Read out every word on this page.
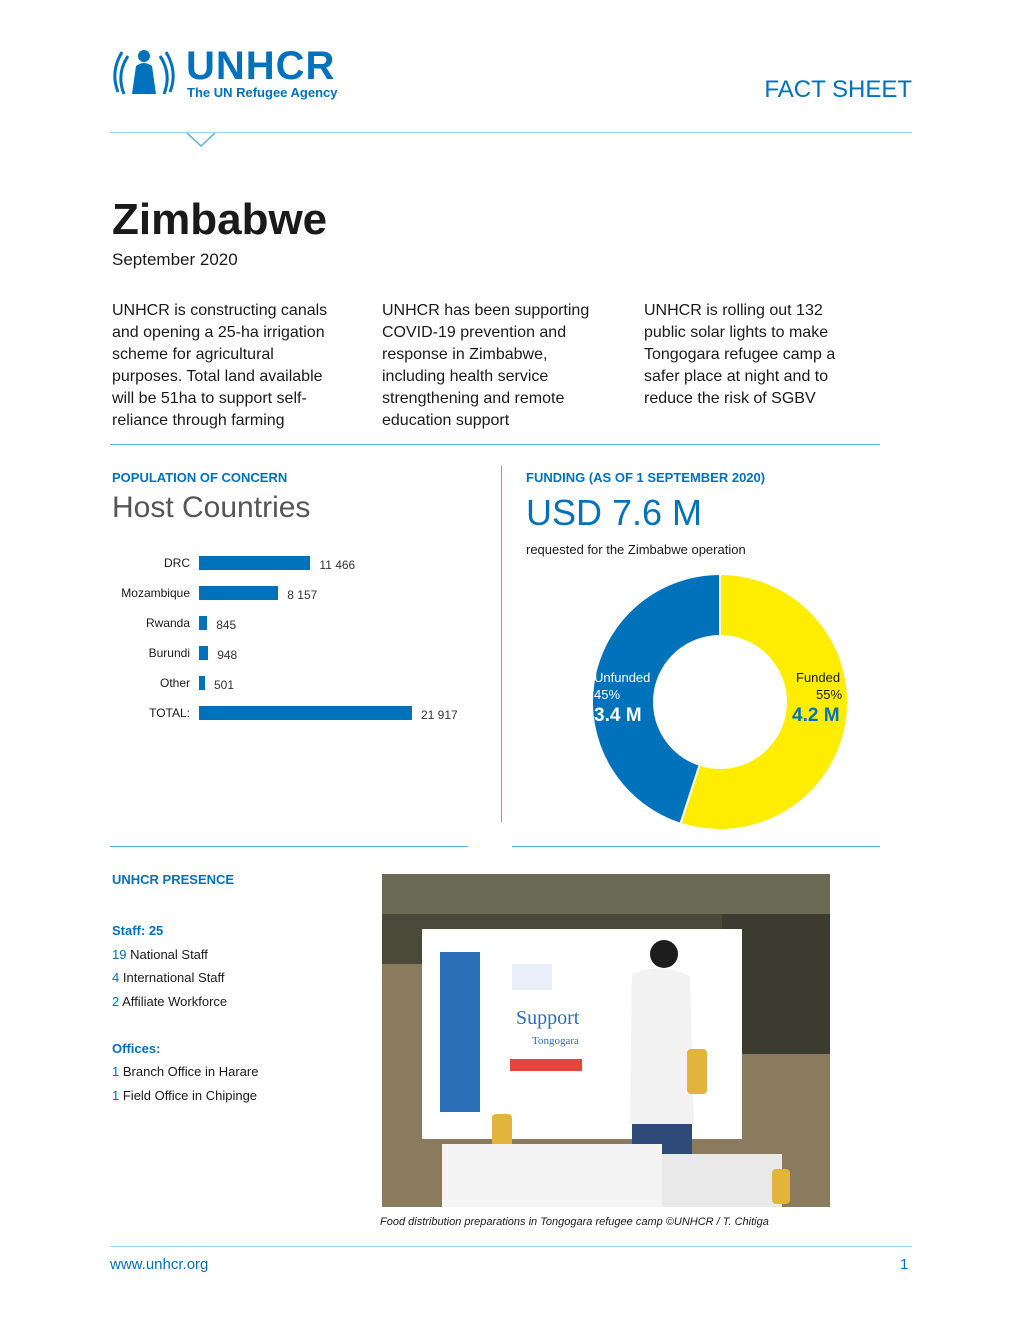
UNHCR
The UN Refugee Agency	FACT SHEET
Zimbabwe
September 2020
UNHCR is constructing canals and opening a 25-ha irrigation scheme for agricultural purposes. Total land available will be 51ha to support self-reliance through farming
UNHCR has been supporting COVID-19 prevention and response in Zimbabwe, including health service strengthening and remote education support
UNHCR is rolling out 132 public solar lights to make Tongogara refugee camp a safer place at night and to reduce the risk of SGBV
POPULATION OF CONCERN
Host Countries
DRC	11 466
Mozambique	8 157
Rwanda 845
Burundi 948
Other 501
TOTAL:	21 917
FUNDING (AS OF 1 SEPTEMBER 2020)
USD 7.6 M
requested for the Zimbabwe operation
Unfunded
45%
3.4 M
Funded
55%
4.2 M
UNHCR PRESENCE
Staff: 25
19 National Staff
4 International Staff
2 Affiliate Workforce
Offices:
1 Branch Office in Harare
1 Field Office in Chipinge
Support
Tongogara
Food distribution preparations in Tongogara refugee camp ©UNHCR / T. Chitiga
www.unhcr.org	1
